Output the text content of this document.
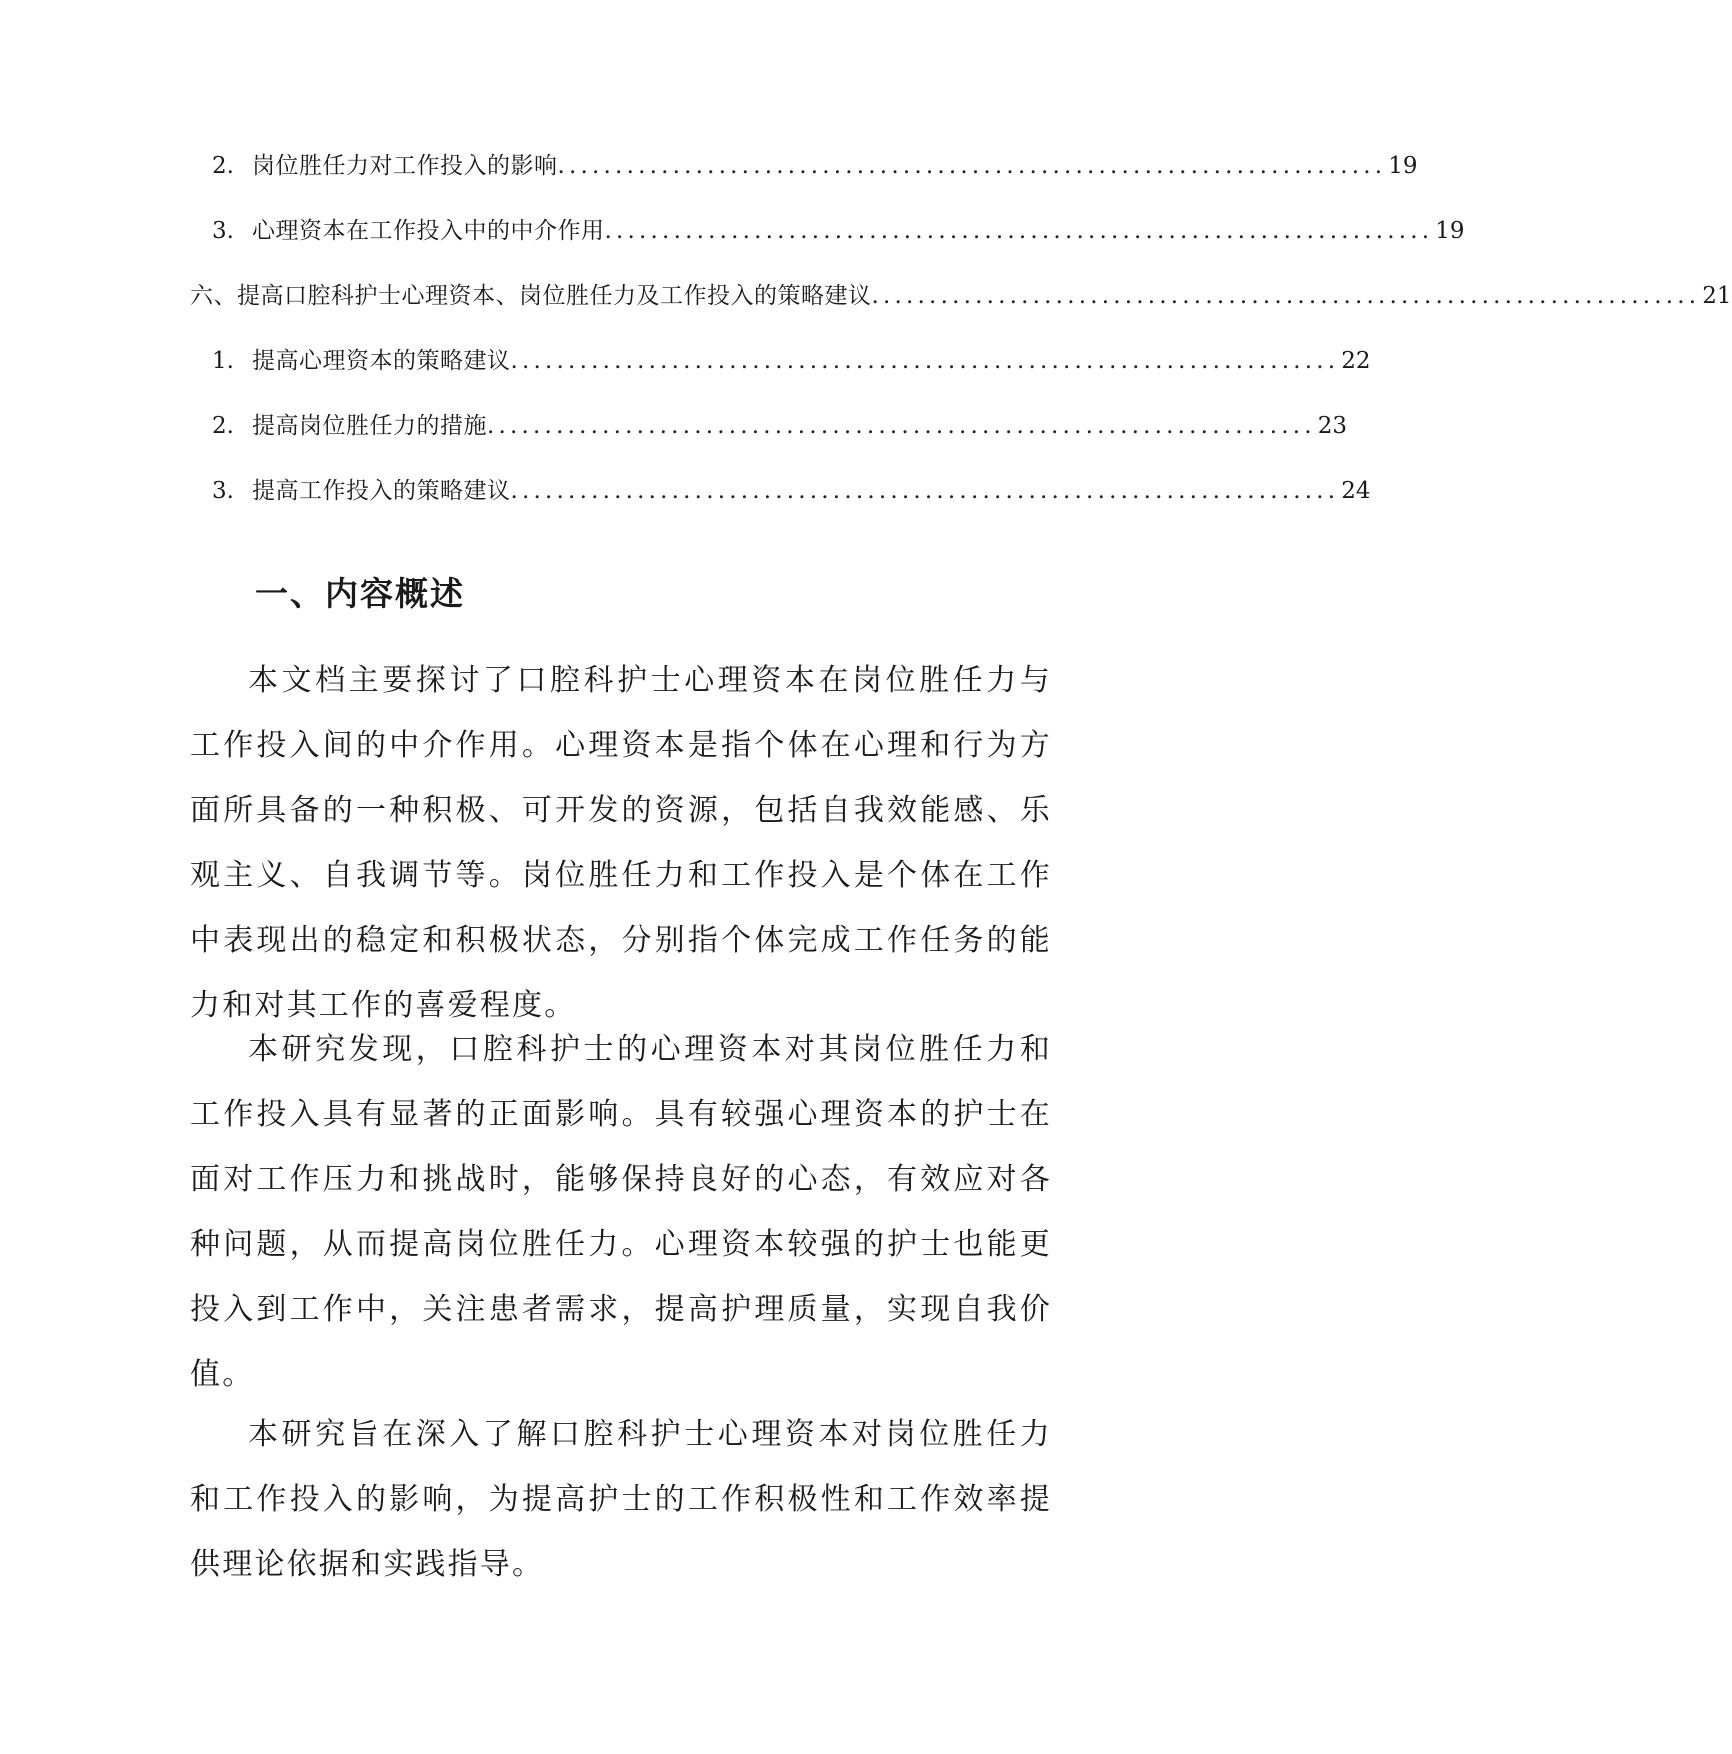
2. 岗位胜任力对工作投入的影响 ........................................................................ 19
3. 心理资本在工作投入中的中介作用 ........................................................................ 19
六、提高口腔科护士心理资本、岗位胜任力及工作投入的策略建议 ........................................................................ 21
1. 提高心理资本的策略建议 ........................................................................ 22
2. 提高岗位胜任力的措施 ........................................................................ 23
3. 提高工作投入的策略建议 ........................................................................ 24
一、内容概述

本文档主要探讨了口腔科护士心理资本在岗位胜任力与工作投入间的中介作用。心理资本是指个体在心理和行为方面所具备的一种积极、可开发的资源，包括自我效能感、乐观主义、自我调节等。岗位胜任力和工作投入是个体在工作中表现出的稳定和积极状态，分别指个体完成工作任务的能力和对其工作的喜爱程度。

本研究发现，口腔科护士的心理资本对其岗位胜任力和工作投入具有显著的正面影响。具有较强心理资本的护士在面对工作压力和挑战时，能够保持良好的心态，有效应对各种问题，从而提高岗位胜任力。心理资本较强的护士也能更投入到工作中，关注患者需求，提高护理质量，实现自我价值。

本研究旨在深入了解口腔科护士心理资本对岗位胜任力和工作投入的影响，为提高护士的工作积极性和工作效率提供理论依据和实践指导。
